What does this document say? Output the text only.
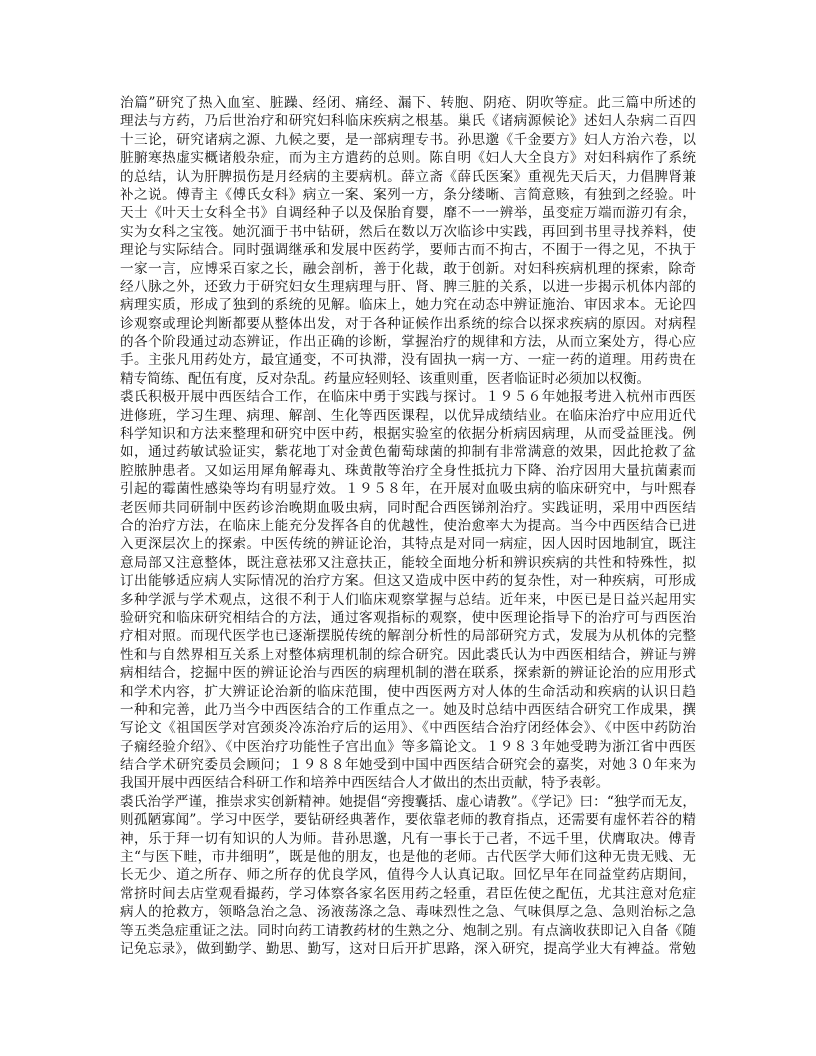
治篇”研究了热入血室、脏躁、经闭、痛经、漏下、转胞、阴疮、阴吹等症。此三篇中所述的
理法与方药，乃后世治疗和研究妇科临床疾病之根基。巢氏《诸病源候论》述妇人杂病二百四
十三论，研究诸病之源、九候之要，是一部病理专书。孙思邈《千金要方》妇人方治六卷，以
脏腑寒热虚实概诸般杂症，而为主方遣药的总则。陈自明《妇人大全良方》对妇科病作了系统
的总结，认为肝脾损伤是月经病的主要病机。薛立斋《薛氏医案》重视先天后天，力倡脾肾兼
补之说。傅青主《傅氏女科》病立一案、案列一方，条分缕晰、言简意赅，有独到之经验。叶
天士《叶天士女科全书》自调经种子以及保胎育婴，靡不一一辨举，虽变症万端而游刃有余，
实为女科之宝筏。她沉湎于书中钻研，然后在数以万次临诊中实践，再回到书里寻找养料，使
理论与实际结合。同时强调继承和发展中医药学，要师古而不拘古，不囿于一得之见，不执于
一家一言，应博采百家之长，融会剖析，善于化裁，敢于创新。对妇科疾病机理的探索，除奇
经八脉之外，还致力于研究妇女生理病理与肝、肾、脾三脏的关系，以进一步揭示机体内部的
病理实质，形成了独到的系统的见解。临床上，她力究在动态中辨证施治、审因求本。无论四
诊观察或理论判断都要从整体出发，对于各种证候作出系统的综合以探求疾病的原因。对病程
的各个阶段通过动态辨证，作出正确的诊断，掌握治疗的规律和方法，从而立案处方，得心应
手。主张凡用药处方，最宜通变，不可执滞，没有固执一病一方、一症一药的道理。用药贵在
精专简练、配伍有度，反对杂乱。药量应轻则轻、该重则重，医者临证时必须加以权衡。
裘氏积极开展中西医结合工作，在临床中勇于实践与探讨。１９５６年她报考进入杭州市西医
进修班，学习生理、病理、解剖、生化等西医课程，以优异成绩结业。在临床治疗中应用近代
科学知识和方法来整理和研究中医中药，根据实验室的依据分析病因病理，从而受益匪浅。例
如，通过药敏试验证实，紫花地丁对金黄色葡萄球菌的抑制有非常满意的效果，因此抢救了盆
腔脓肿患者。又如运用犀角解毒丸、珠黄散等治疗全身性抵抗力下降、治疗因用大量抗菌素而
引起的霉菌性感染等均有明显疗效。１９５８年，在开展对血吸虫病的临床研究中，与叶熙春
老医师共同研制中医药诊治晚期血吸虫病，同时配合西医锑剂治疗。实践证明，采用中西医结
合的治疗方法，在临床上能充分发挥各自的优越性，使治愈率大为提高。当今中西医结合已进
入更深层次上的探索。中医传统的辨证论治，其特点是对同一病症，因人因时因地制宜，既注
意局部又注意整体，既注意祛邪又注意扶正，能较全面地分析和辨识疾病的共性和特殊性，拟
订出能够适应病人实际情况的治疗方案。但这又造成中医中药的复杂性，对一种疾病，可形成
多种学派与学术观点，这很不利于人们临床观察掌握与总结。近年来，中医已是日益兴起用实
验研究和临床研究相结合的方法，通过客观指标的观察，使中医理论指导下的治疗可与西医治
疗相对照。而现代医学也已逐渐摆脱传统的解剖分析性的局部研究方式，发展为从机体的完整
性和与自然界相互关系上对整体病理机制的综合研究。因此裘氏认为中西医相结合，辨证与辨
病相结合，挖掘中医的辨证论治与西医的病理机制的潜在联系，探索新的辨证论治的应用形式
和学术内容，扩大辨证论治新的临床范围，使中西医两方对人体的生命活动和疾病的认识日趋
一种和完善，此乃当今中西医结合的工作重点之一。她及时总结中西医结合研究工作成果，撰
写论文《祖国医学对宫颈炎冷冻治疗后的运用》、《中西医结合治疗闭经体会》、《中医中药防治
子痫经验介绍》、《中医治疗功能性子宫出血》等多篇论文。１９８３年她受聘为浙江省中西医
结合学术研究委员会顾问；１９８８年她受到中国中西医结合研究会的嘉奖，对她３０年来为
我国开展中西医结合科研工作和培养中西医结合人才做出的杰出贡献，特予表彰。
裘氏治学严谨，推崇求实创新精神。她提倡“旁搜囊括、虚心请教”。《学记》曰：“独学而无友，
则孤陋寡闻”。学习中医学，要钻研经典著作，要依靠老师的教育指点，还需要有虚怀若谷的精
神，乐于拜一切有知识的人为师。昔孙思邈，凡有一事长于己者，不远千里，伏膺取决。傅青
主“与医下畦，市井细明”，既是他的朋友，也是他的老师。古代医学大师们这种无贵无贱、无
长无少、道之所存、师之所存的优良学风，值得今人认真记取。回忆早年在同益堂药店期间，
常挤时间去店堂观看撮药，学习体察各家名医用药之轻重，君臣佐使之配伍，尤其注意对危症
病人的抢救方，领略急治之急、汤液荡涤之急、毒味烈性之急、气味俱厚之急、急则治标之急
等五类急症重证之法。同时向药工请教药材的生熟之分、炮制之别。有点滴收获即记入自备《随
记免忘录》，做到勤学、勤思、勤写，这对日后开扩思路，深入研究，提高学业大有裨益。常勉
